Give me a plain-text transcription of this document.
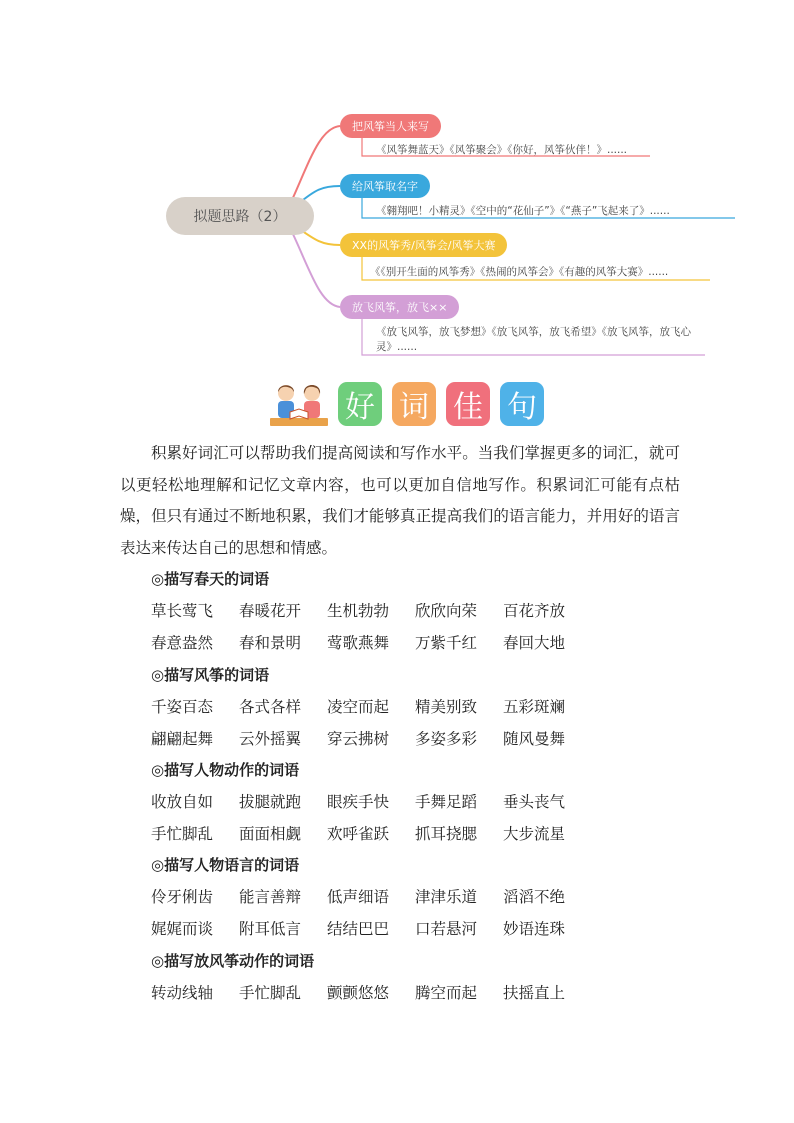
拟题思路（2）
把风筝当人来写
《风筝舞蓝天》《风筝聚会》《你好，风筝伙伴！》......
给风筝取名字
《翱翔吧！小精灵》《空中的“花仙子”》《“燕子”飞起来了》......
XX的风筝秀/风筝会/风筝大赛
《《别开生面的风筝秀》《热闹的风筝会》《有趣的风筝大赛》......
放飞风筝，放飞××
《放飞风筝，放飞梦想》《放飞风筝，放飞希望》《放飞风筝，放飞心灵》......
好 词 佳 句
积累好词汇可以帮助我们提高阅读和写作水平。当我们掌握更多的词汇，就可以更轻松地理解和记忆文章内容，也可以更加自信地写作。积累词汇可能有点枯燥，但只有通过不断地积累，我们才能够真正提高我们的语言能力，并用好的语言表达来传达自己的思想和情感。
◎描写春天的词语
草长莺飞	春暖花开	生机勃勃	欣欣向荣	百花齐放
春意盎然	春和景明	莺歌燕舞	万紫千红	春回大地
◎描写风筝的词语
千姿百态	各式各样	凌空而起	精美别致	五彩斑斓
翩翩起舞	云外摇翼	穿云拂树	多姿多彩	随风曼舞
◎描写人物动作的词语
收放自如	拔腿就跑	眼疾手快	手舞足蹈	垂头丧气
手忙脚乱	面面相觑	欢呼雀跃	抓耳挠腮	大步流星
◎描写人物语言的词语
伶牙俐齿	能言善辩	低声细语	津津乐道	滔滔不绝
娓娓而谈	附耳低言	结结巴巴	口若悬河	妙语连珠
◎描写放风筝动作的词语
转动线轴	手忙脚乱	颤颤悠悠	腾空而起	扶摇直上
